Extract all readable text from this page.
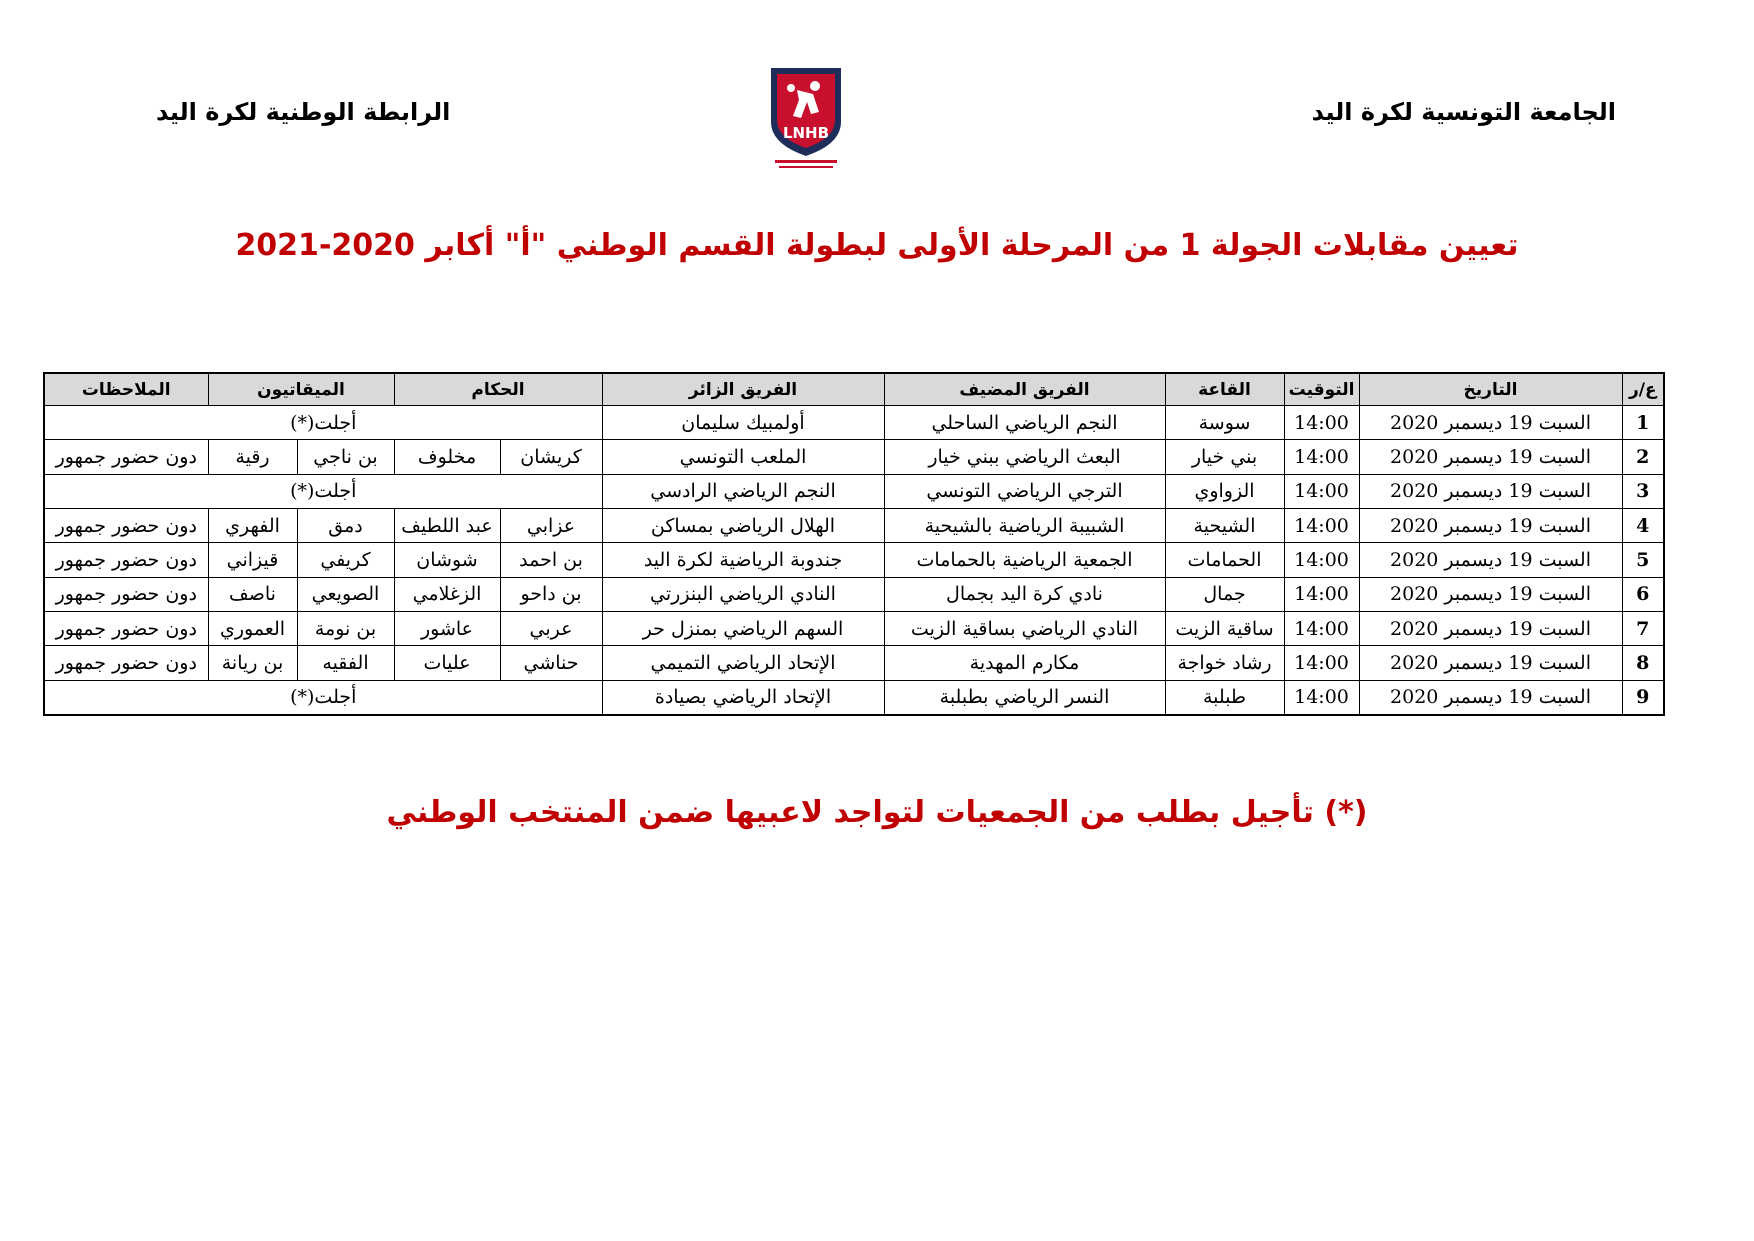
الجامعة التونسية لكرة اليد
الرابطة الوطنية لكرة اليد
LNHB
تعيين مقابلات الجولة 1 من المرحلة الأولى لبطولة القسم الوطني "أ" أكابر 2020-2021
ع/ر	التاريخ	التوقيت	القاعة	الفريق المضيف	الفريق الزائر	الحكام		الميقاتيون		الملاحظات
1	السبت 19 ديسمبر 2020	14:00	سوسة	النجم الرياضي الساحلي	أولمبيك سليمان	أجلت(*)				
2	السبت 19 ديسمبر 2020	14:00	بني خيار	البعث الرياضي ببني خيار	الملعب التونسي	كريشان	مخلوف	بن ناجي	رقية	دون حضور جمهور
3	السبت 19 ديسمبر 2020	14:00	الزواوي	الترجي الرياضي التونسي	النجم الرياضي الرادسي	أجلت(*)				
4	السبت 19 ديسمبر 2020	14:00	الشيحية	الشبيبة الرياضية بالشيحية	الهلال الرياضي بمساكن	عزابي	عبد اللطيف	دمق	الفهري	دون حضور جمهور
5	السبت 19 ديسمبر 2020	14:00	الحمامات	الجمعية الرياضية بالحمامات	جندوبة الرياضية لكرة اليد	بن احمد	شوشان	كريفي	قيزاني	دون حضور جمهور
6	السبت 19 ديسمبر 2020	14:00	جمال	نادي كرة اليد بجمال	النادي الرياضي البنزرتي	بن داحو	الزغلامي	الصويعي	ناصف	دون حضور جمهور
7	السبت 19 ديسمبر 2020	14:00	ساقية الزيت	النادي الرياضي بساقية الزيت	السهم الرياضي بمنزل حر	عربي	عاشور	بن نومة	العموري	دون حضور جمهور
8	السبت 19 ديسمبر 2020	14:00	رشاد خواجة	مكارم المهدية	الإتحاد الرياضي التميمي	حناشي	عليات	الفقيه	بن ريانة	دون حضور جمهور
9	السبت 19 ديسمبر 2020	14:00	طبلبة	النسر الرياضي بطبلبة	الإتحاد الرياضي بصيادة	أجلت(*)				
(*) تأجيل بطلب من الجمعيات لتواجد لاعبيها ضمن المنتخب الوطني
